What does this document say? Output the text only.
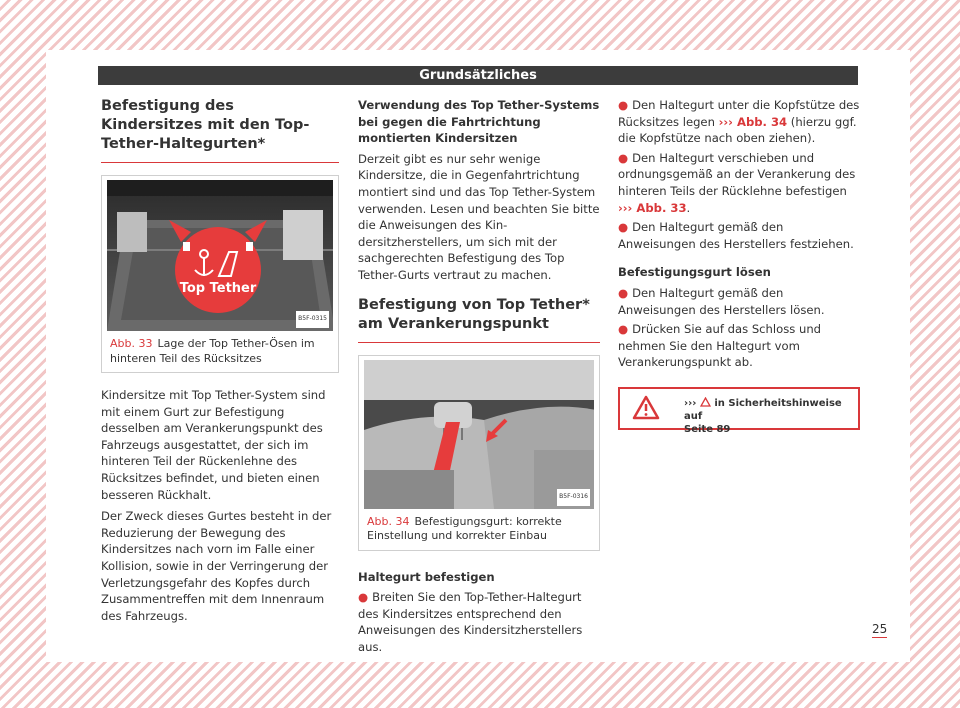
Grundsätzliches
Befestigung des Kindersitzes mit den Top-Tether-Haltegurten*
Top Tether
B5F-0315
Abb. 33 Lage der Top Tether-Ösen im hinteren Teil des Rücksitzes

Kindersitze mit Top Tether-System sind mit einem Gurt zur Befestigung desselben am Verankerungspunkt des Fahrzeugs ausgestattet, der sich im hinteren Teil der Rückenlehne des Rücksitzes befindet, und bieten einen besseren Rückhalt.

Der Zweck dieses Gurtes besteht in der Reduzierung der Bewegung des Kindersitzes nach vorn im Falle einer Kollision, sowie in der Verringerung der Verletzungsgefahr des Kopfes durch Zusammentreffen mit dem Innenraum des Fahrzeugs.

Verwendung des Top Tether-Systems bei gegen die Fahrtrichtung montierten Kindersitzen

Derzeit gibt es nur sehr wenige Kindersitze, die in Gegenfahrtrichtung montiert sind und das Top Tether-System verwenden. Lesen und beachten Sie bitte die Anweisungen des Kindersitzherstellers, um sich mit der sachgerechten Befestigung des Top Tether-Gurts vertraut zu machen.

Befestigung von Top Tether* am Verankerungspunkt
B5F-0316
Abb. 34 Befestigungsgurt: korrekte Einstellung und korrekter Einbau
Haltegurt befestigen

● Breiten Sie den Top-Tether-Haltegurt des Kindersitzes entsprechend den Anweisungen des Kindersitzherstellers aus.

● Den Haltegurt unter die Kopfstütze des Rücksitzes legen ››› Abb. 34 (hierzu ggf. die Kopfstütze nach oben ziehen).

● Den Haltegurt verschieben und ordnungsgemäß an der Verankerung des hinteren Teils der Rücklehne befestigen ››› Abb. 33.

● Den Haltegurt gemäß den Anweisungen des Herstellers festziehen.

Befestigungsgurt lösen

● Den Haltegurt gemäß den Anweisungen des Herstellers lösen.

● Drücken Sie auf das Schloss und nehmen Sie den Haltegurt vom Verankerungspunkt ab.

››› in Sicherheitshinweise auf
Seite 89
25
